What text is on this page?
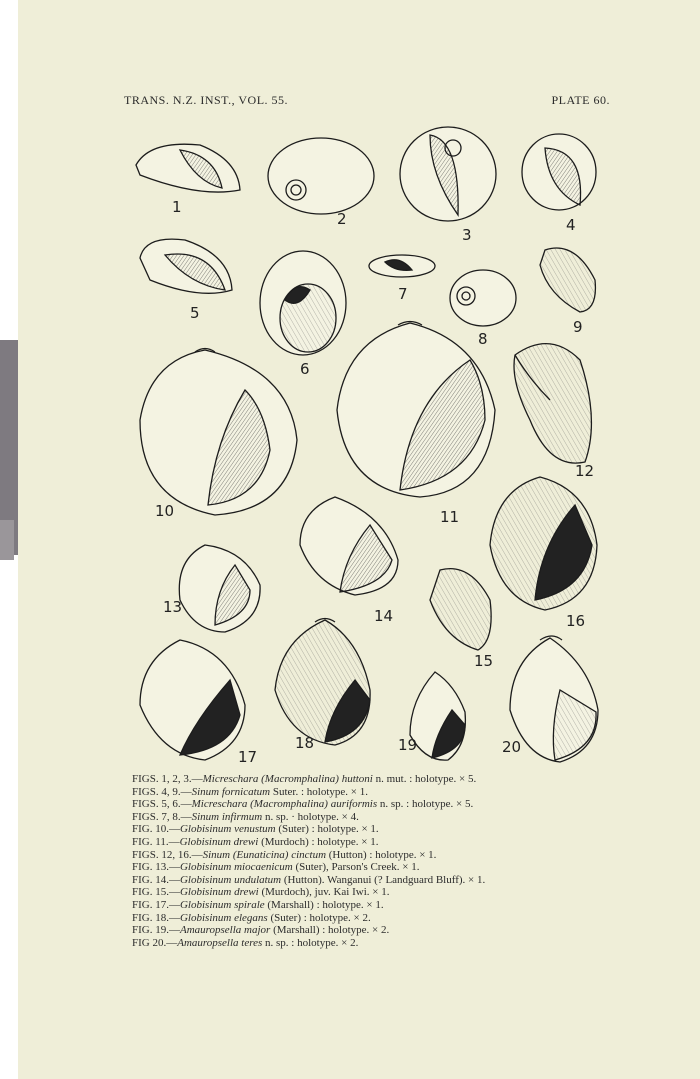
TRANS. N.Z. INST., VOL. 55.	PLATE 60.
1
2
3
4
5
6
7
8
9
10	11
12
13	14
15
16
17
18	19	20
FIGS. 1, 2, 3.—Micreschara (Macromphalina) huttoni n. mut. : holotype. × 5.
FIGS. 4, 9.—Sinum fornicatum Suter. : holotype. × 1.
FIGS. 5, 6.—Micreschara (Macromphalina) auriformis n. sp. : holotype. × 5.
FIGS. 7, 8.—Sinum infirmum n. sp. · holotype. × 4.
FIG. 10.—Globisinum venustum (Suter) : holotype. × 1.
FIG. 11.—Globisinum drewi (Murdoch) : holotype. × 1.
FIGS. 12, 16.—Sinum (Eunaticina) cinctum (Hutton) : holotype. × 1.
FIG. 13.—Globisinum miocaenicum (Suter), Parson's Creek. × 1.
FIG. 14.—Globisinum undulatum (Hutton). Wanganui (? Landguard Bluff). × 1.
FIG. 15.—Globisinum drewi (Murdoch), juv. Kai Iwi. × 1.
FIG. 17.—Globisinum spirale (Marshall) : holotype. × 1.
FIG. 18.—Globisinum elegans (Suter) : holotype. × 2.
FIG. 19.—Amauropsella major (Marshall) : holotype. × 2.
FIG 20.—Amauropsella teres n. sp. : holotype. × 2.
